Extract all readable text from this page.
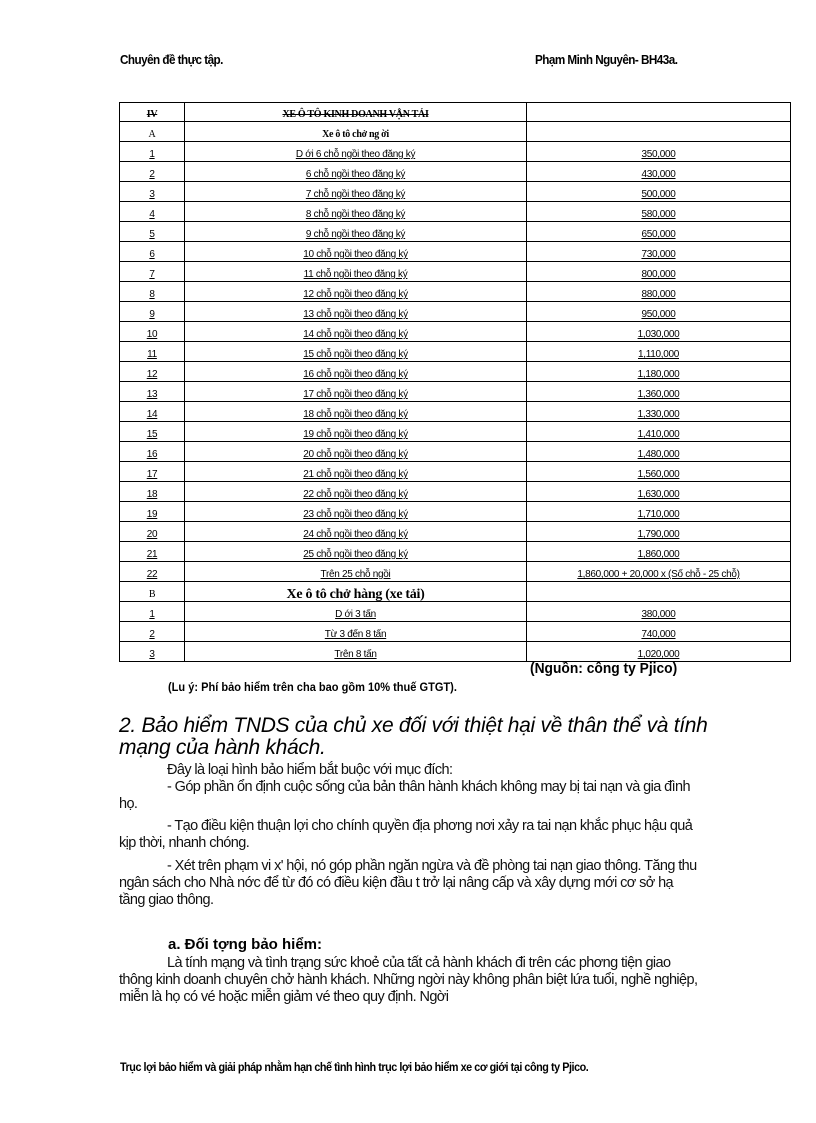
Chuyên đề thực tập.	Phạm Minh Nguyên- BH43a.
IV	XE Ô TÔ KINH DOANH VẬN TẢI	
A	Xe ô tô chở ng ời	
1	D ới 6 chỗ ngồi theo đăng ký	350,000
2	6 chỗ ngồi theo đăng ký	430,000
3	7 chỗ ngồi theo đăng ký	500,000
4	8 chỗ ngồi theo đăng ký	580,000
5	9 chỗ ngồi theo đăng ký	650,000
6	10 chỗ ngồi theo đăng ký	730,000
7	11 chỗ ngồi theo đăng ký	800,000
8	12 chỗ ngồi theo đăng ký	880,000
9	13 chỗ ngồi theo đăng ký	950,000
10	14 chỗ ngồi theo đăng ký	1,030,000
11	15 chỗ ngồi theo đăng ký	1,110,000
12	16 chỗ ngồi theo đăng ký	1,180,000
13	17 chỗ ngồi theo đăng ký	1,360,000
14	18 chỗ ngồi theo đăng ký	1,330,000
15	19 chỗ ngồi theo đăng ký	1,410,000
16	20 chỗ ngồi theo đăng ký	1,480,000
17	21 chỗ ngồi theo đăng ký	1,560,000
18	22 chỗ ngồi theo đăng ký	1,630,000
19	23 chỗ ngồi theo đăng ký	1,710,000
20	24 chỗ ngồi theo đăng ký	1,790,000
21	25 chỗ ngồi theo đăng ký	1,860,000
22	Trên 25 chỗ ngồi	1,860,000 + 20,000 x (Số chỗ - 25 chỗ)
B	Xe ô tô chở hàng (xe tải)	
1	D ới 3 tấn	380,000
2	Từ 3 đến 8 tấn	740,000
3	Trên 8 tấn	1,020,000
(Nguồn: công ty Pjico)
(Lu ý: Phí bảo hiểm trên cha bao gồm 10% thuế GTGT).
2. Bảo hiểm TNDS của chủ xe đối với thiệt hại về thân thể và tính mạng của hành khách.
Đây là loại hình bảo hiểm bắt buộc với mục đích:
- Góp phần ổn định cuộc sống của bản thân hành khách không may bị tai nạn và gia đình họ.
- Tạo điều kiện thuận lợi cho chính quyền địa phơng nơi xảy ra tai nạn khắc phục hậu quả kịp thời, nhanh chóng.
- Xét trên phạm vi x' hội, nó góp phần ngăn ngừa và đề phòng tai nạn giao thông. Tăng thu ngân sách cho Nhà nớc để từ đó có điều kiện đầu t trở lại nâng cấp và xây dựng mới cơ sở hạ tầng giao thông.
a. Đối tợng bảo hiểm:
Là tính mạng và tình trạng sức khoẻ của tất cả hành khách đi trên các phơng tiện giao thông kinh doanh chuyên chở hành khách. Những ngời này không phân biệt lứa tuổi, nghề nghiệp, miễn là họ có vé hoặc miễn giảm vé theo quy định. Ngời
Trục lợi bảo hiểm và giải pháp nhằm hạn chế tình hình trục lợi bảo hiểm xe cơ giới tại công ty Pjico.
